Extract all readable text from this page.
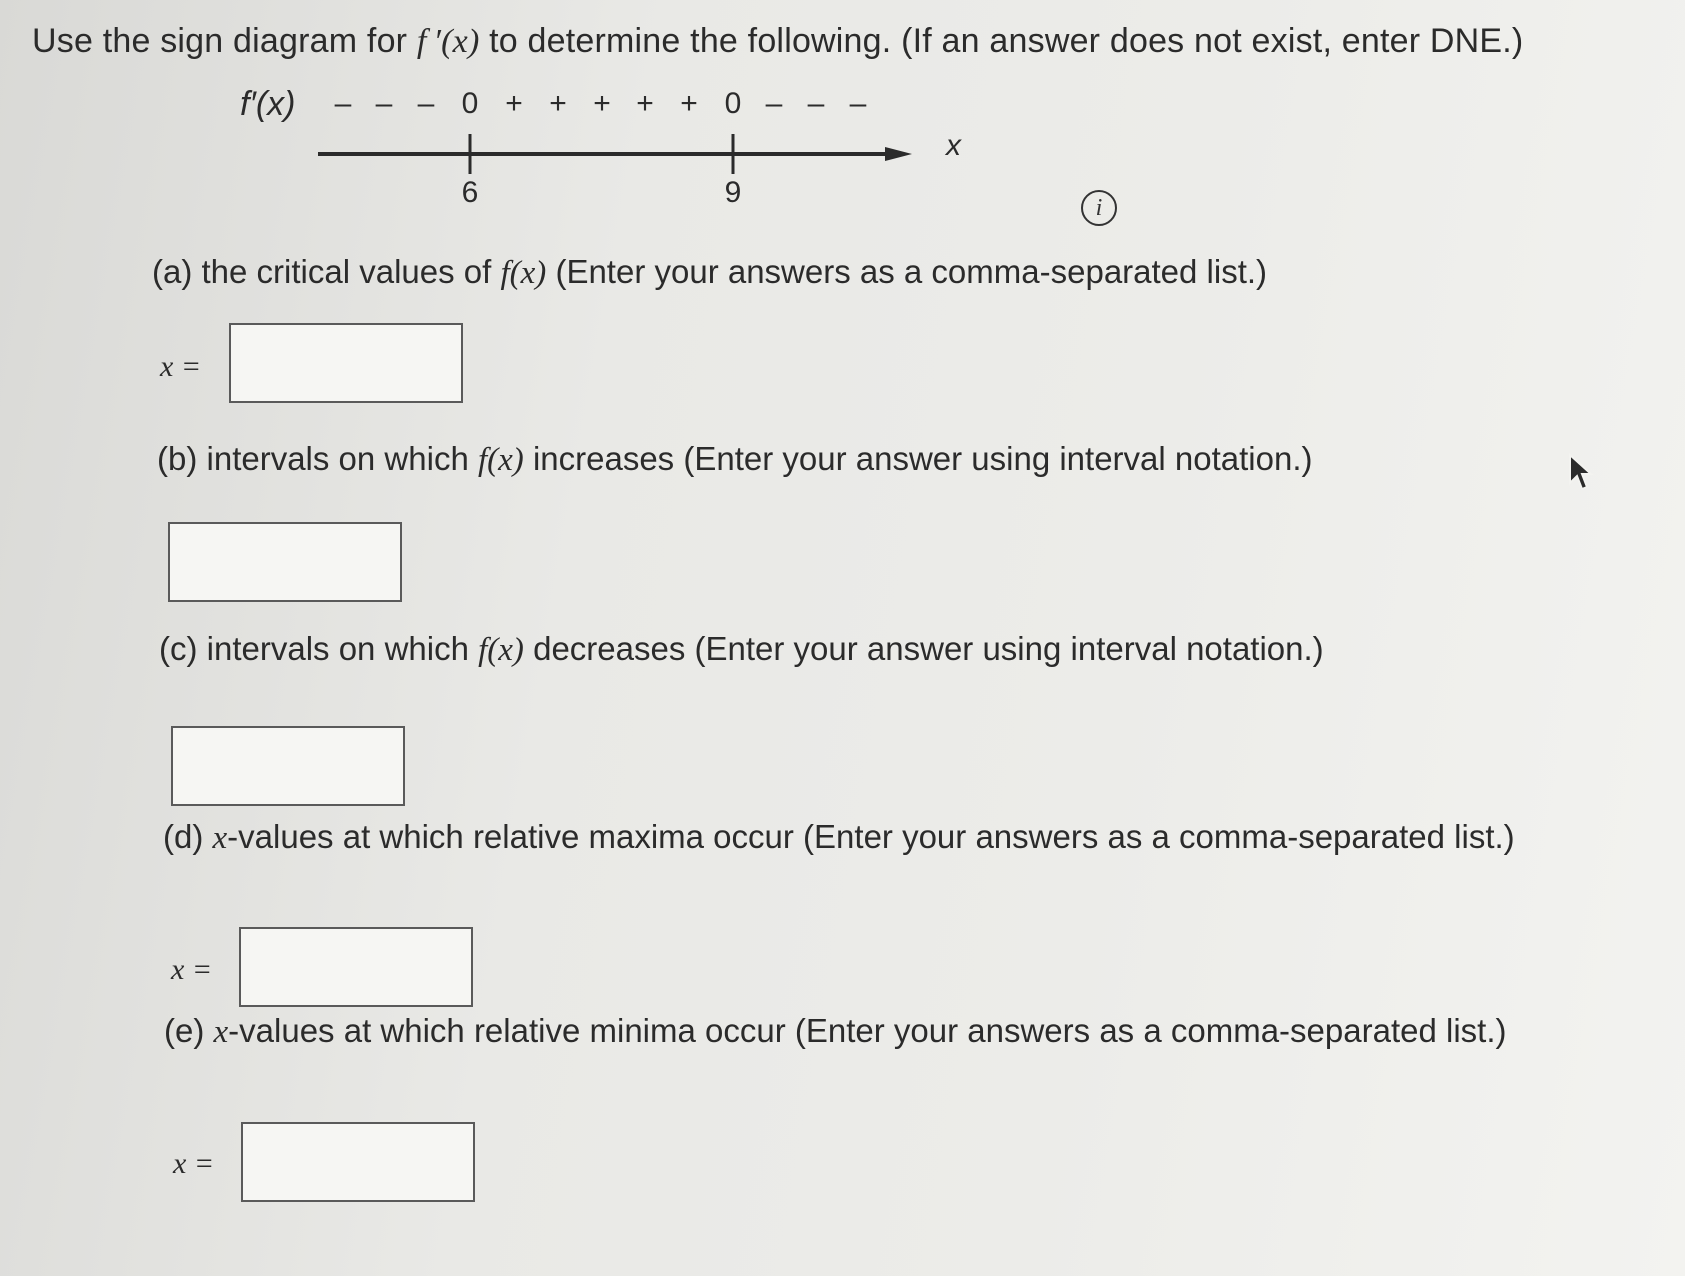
Use the sign diagram for f ′(x) to determine the following. (If an answer does not exist, enter DNE.)
f′(x) – – – 0 + + + + + 0 – – –
x
6	9	i
(a) the critical values of f(x) (Enter your answers as a comma-separated list.)
x =
(b) intervals on which f(x) increases (Enter your answer using interval notation.)
(c) intervals on which f(x) decreases (Enter your answer using interval notation.)
(d) x-values at which relative maxima occur (Enter your answers as a comma-separated list.)
x =
(e) x-values at which relative minima occur (Enter your answers as a comma-separated list.)
x =
